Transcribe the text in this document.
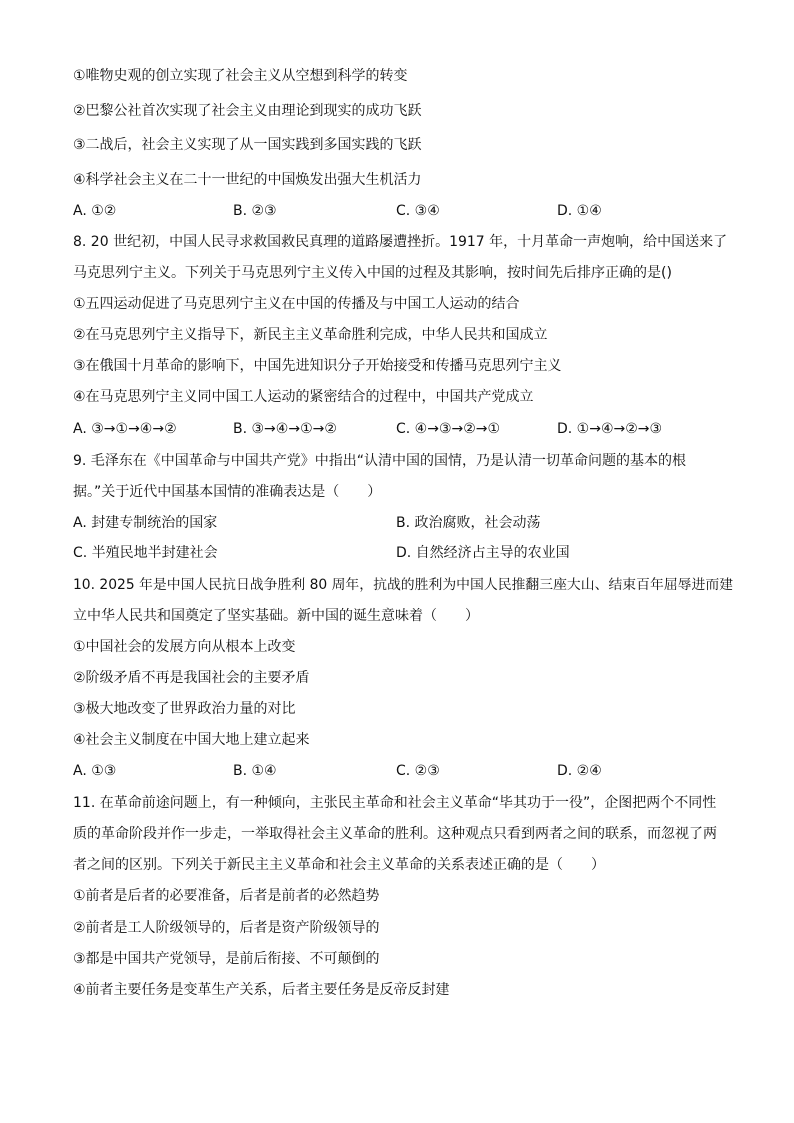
①唯物史观的创立实现了社会主义从空想到科学的转变
②巴黎公社首次实现了社会主义由理论到现实的成功飞跃
③二战后，社会主义实现了从一国实践到多国实践的飞跃
④科学社会主义在二十一世纪的中国焕发出强大生机活力
A. ①②	B. ②③	C. ③④	D. ①④
8. 20 世纪初，中国人民寻求救国救民真理的道路屡遭挫折。1917 年，十月革命一声炮响，给中国送来了
马克思列宁主义。下列关于马克思列宁主义传入中国的过程及其影响，按时间先后排序正确的是()
①五四运动促进了马克思列宁主义在中国的传播及与中国工人运动的结合
②在马克思列宁主义指导下，新民主主义革命胜利完成，中华人民共和国成立
③在俄国十月革命的影响下，中国先进知识分子开始接受和传播马克思列宁主义
④在马克思列宁主义同中国工人运动的紧密结合的过程中，中国共产党成立
A. ③→①→④→②	B. ③→④→①→②	C. ④→③→②→①	D. ①→④→②→③
9. 毛泽东在《中国革命与中国共产党》中指出“认清中国的国情，乃是认清一切革命问题的基本的根
据。”关于近代中国基本国情的准确表达是（　　）
A. 封建专制统治的国家	B. 政治腐败，社会动荡
C. 半殖民地半封建社会	D. 自然经济占主导的农业国
10. 2025 年是中国人民抗日战争胜利 80 周年，抗战的胜利为中国人民推翻三座大山、结束百年屈辱进而建
立中华人民共和国奠定了坚实基础。新中国的诞生意味着（　　）
①中国社会的发展方向从根本上改变
②阶级矛盾不再是我国社会的主要矛盾
③极大地改变了世界政治力量的对比
④社会主义制度在中国大地上建立起来
A. ①③	B. ①④	C. ②③	D. ②④
11. 在革命前途问题上，有一种倾向，主张民主革命和社会主义革命“毕其功于一役”，企图把两个不同性
质的革命阶段并作一步走，一举取得社会主义革命的胜利。这种观点只看到两者之间的联系，而忽视了两
者之间的区别。下列关于新民主主义革命和社会主义革命的关系表述正确的是（　　）
①前者是后者的必要准备，后者是前者的必然趋势
②前者是工人阶级领导的，后者是资产阶级领导的
③都是中国共产党领导，是前后衔接、不可颠倒的
④前者主要任务是变革生产关系，后者主要任务是反帝反封建
